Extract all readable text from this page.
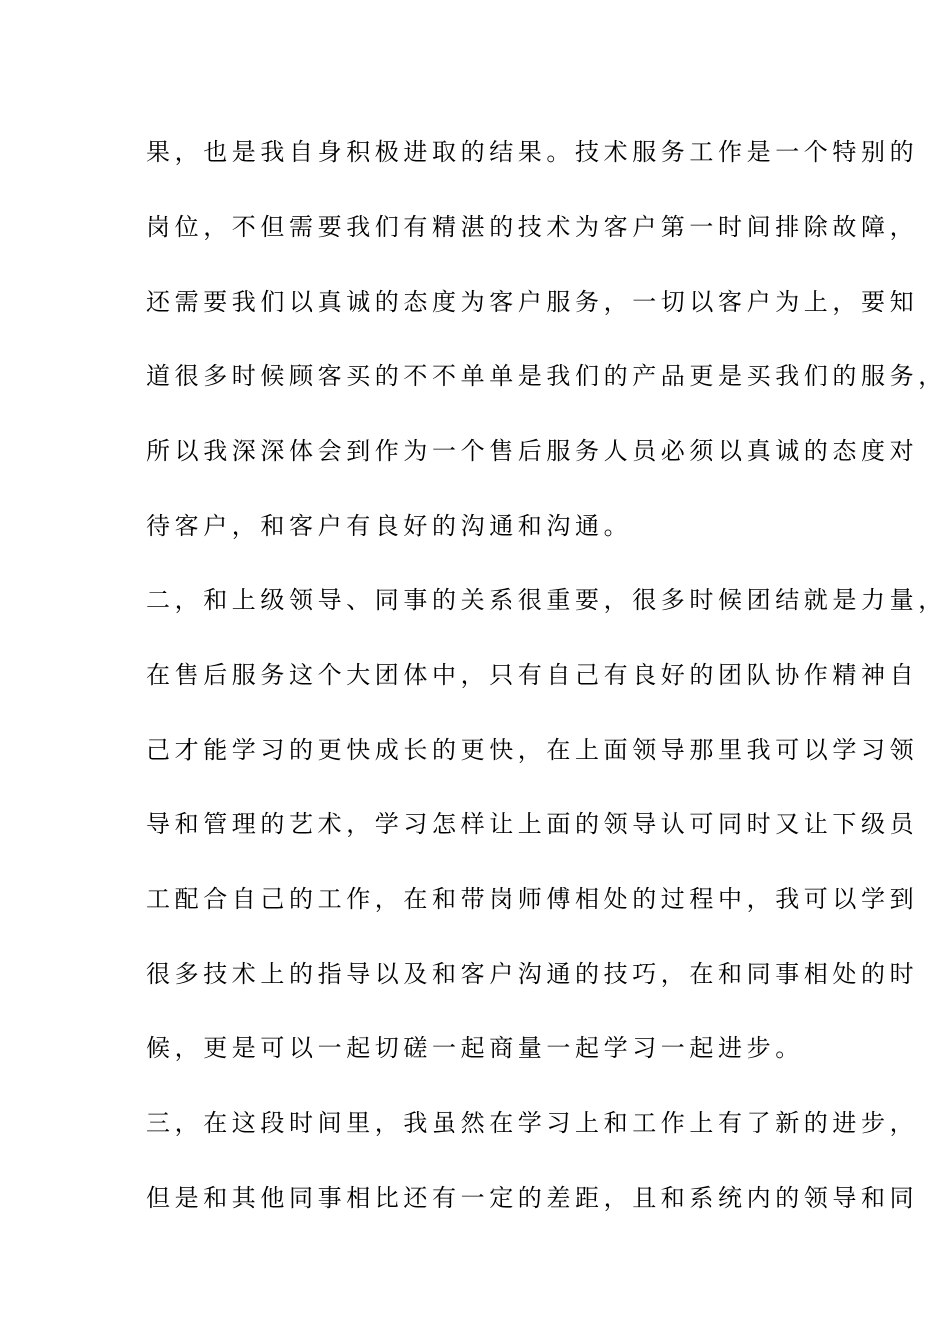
果，也是我自身积极进取的结果。技术服务工作是一个特别的
岗位，不但需要我们有精湛的技术为客户第一时间排除故障，
还需要我们以真诚的态度为客户服务，一切以客户为上，要知
道很多时候顾客买的不不单单是我们的产品更是买我们的服务，
所以我深深体会到作为一个售后服务人员必须以真诚的态度对
待客户，和客户有良好的沟通和沟通。
二，和上级领导、同事的关系很重要，很多时候团结就是力量，
在售后服务这个大团体中，只有自己有良好的团队协作精神自
己才能学习的更快成长的更快，在上面领导那里我可以学习领
导和管理的艺术，学习怎样让上面的领导认可同时又让下级员
工配合自己的工作，在和带岗师傅相处的过程中，我可以学到
很多技术上的指导以及和客户沟通的技巧，在和同事相处的时
候，更是可以一起切磋一起商量一起学习一起进步。
三，在这段时间里，我虽然在学习上和工作上有了新的进步，
但是和其他同事相比还有一定的差距，且和系统内的领导和同
